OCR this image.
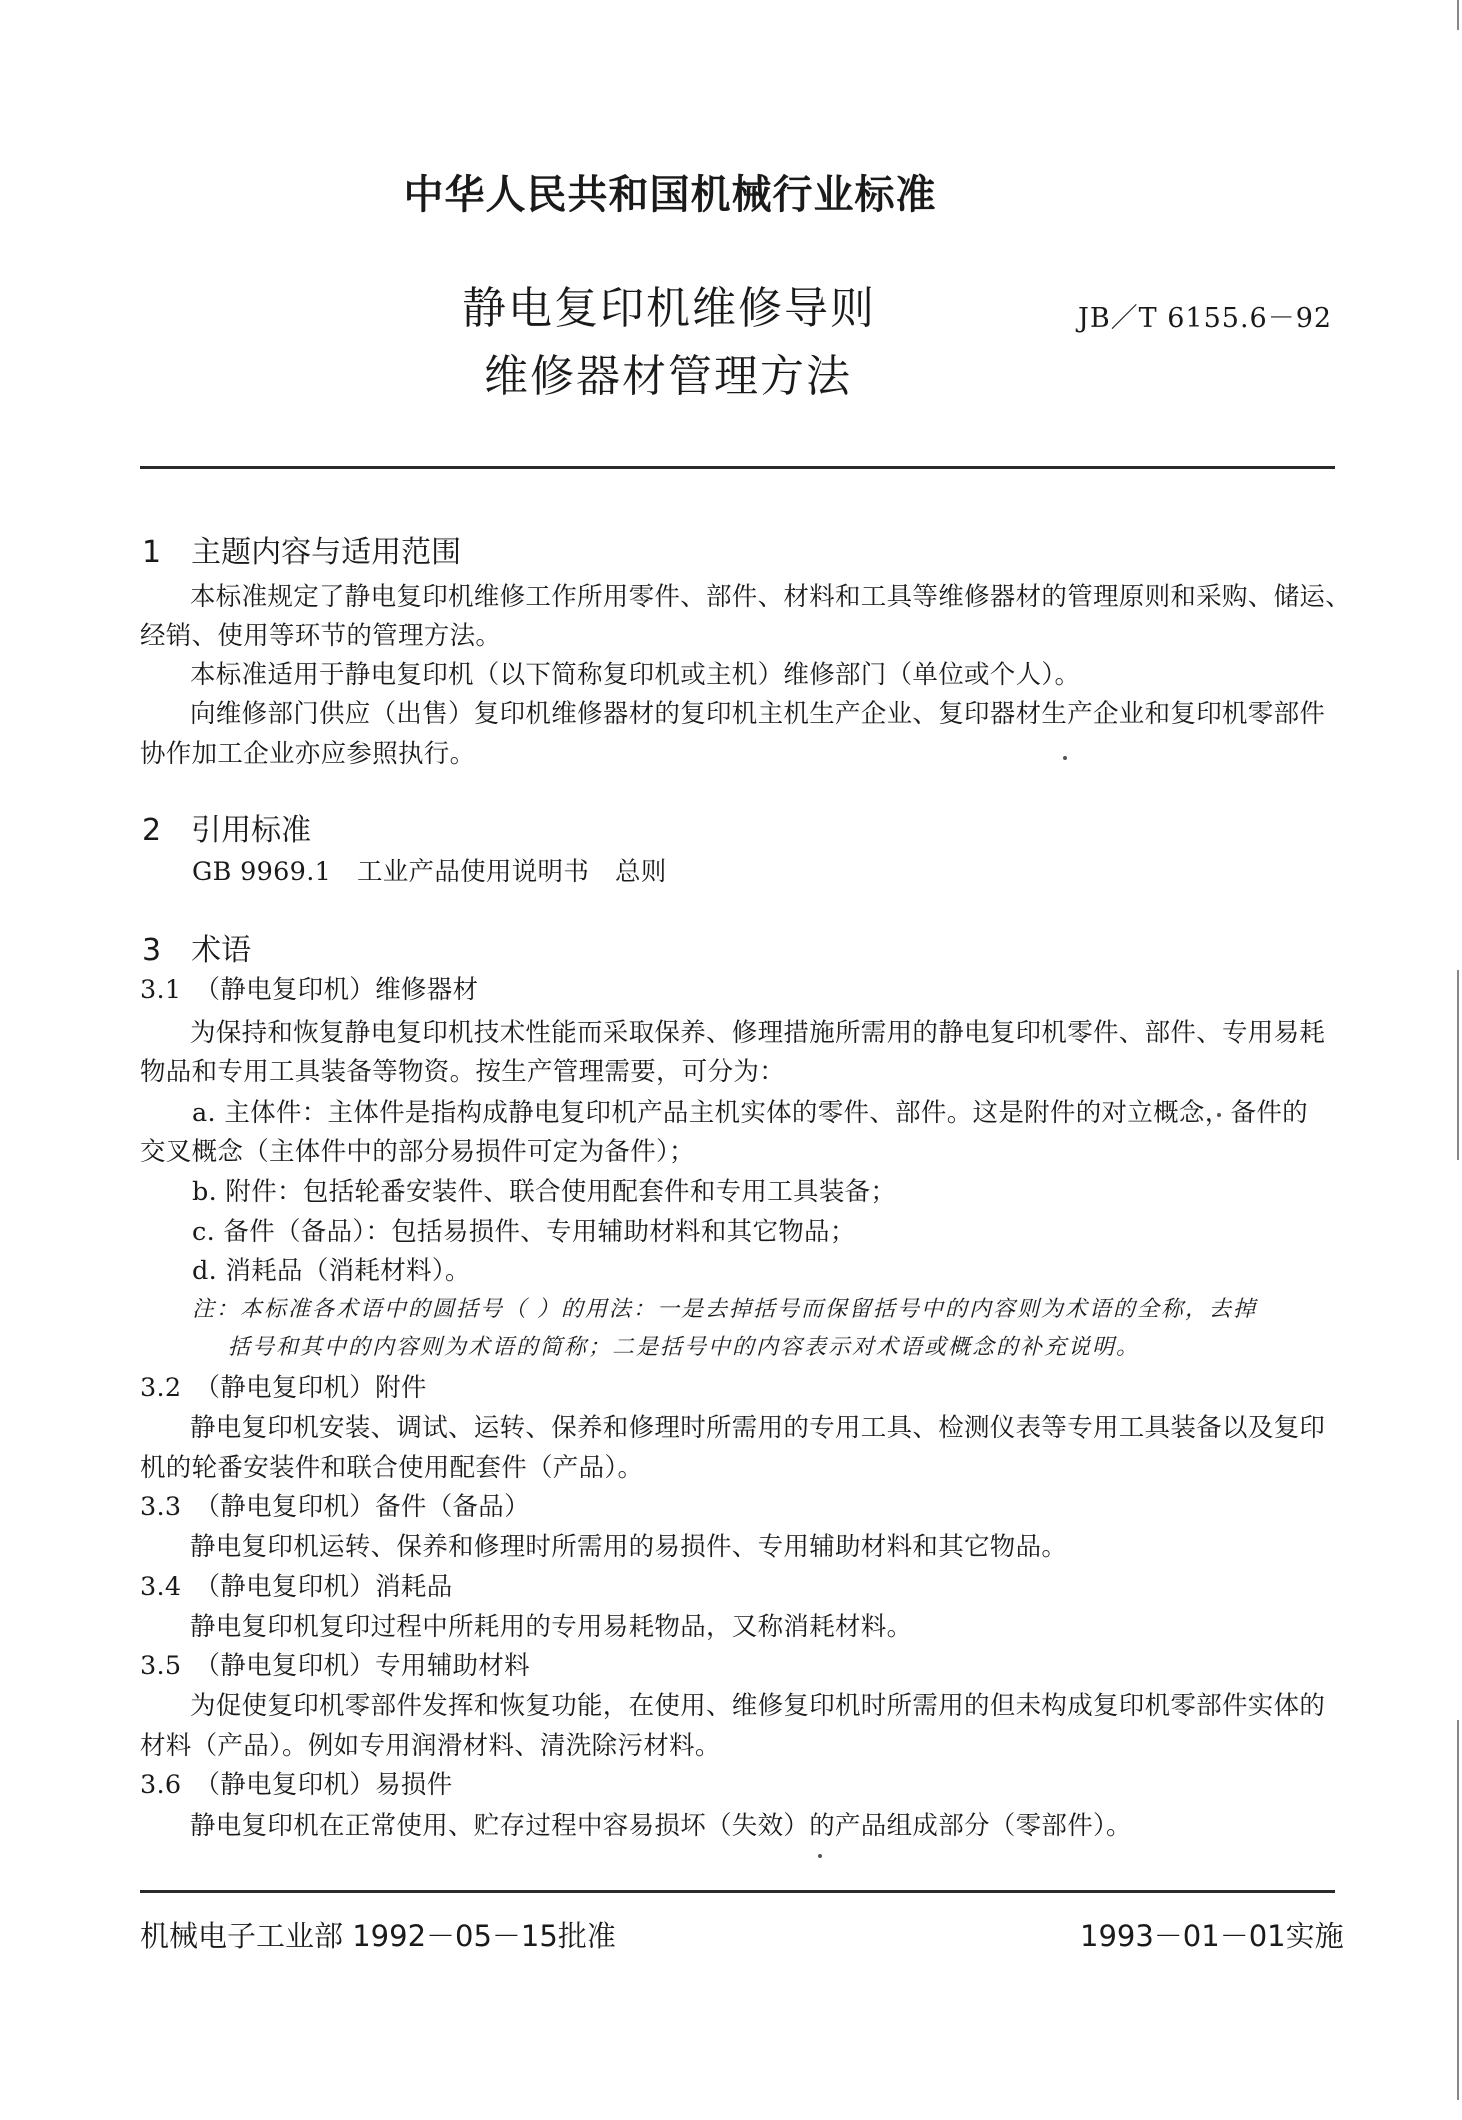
中华人民共和国机械行业标准
静电复印机维修导则
维修器材管理方法
JB／T 6155.6－92
1　主题内容与适用范围
本标准规定了静电复印机维修工作所用零件、部件、材料和工具等维修器材的管理原则和采购、储运、
经销、使用等环节的管理方法。
本标准适用于静电复印机（以下简称复印机或主机）维修部门（单位或个人）。
向维修部门供应（出售）复印机维修器材的复印机主机生产企业、复印器材生产企业和复印机零部件
协作加工企业亦应参照执行。
2　引用标准
GB 9969.1　工业产品使用说明书　总则
3　术语
3.1　（静电复印机）维修器材
为保持和恢复静电复印机技术性能而采取保养、修理措施所需用的静电复印机零件、部件、专用易耗
物品和专用工具装备等物资。按生产管理需要，可分为：
a. 主体件：主体件是指构成静电复印机产品主机实体的零件、部件。这是附件的对立概念，备件的
交叉概念（主体件中的部分易损件可定为备件）；
b. 附件：包括轮番安装件、联合使用配套件和专用工具装备；
c. 备件（备品）：包括易损件、专用辅助材料和其它物品；
d. 消耗品（消耗材料）。
注：本标准各术语中的圆括号（ ）的用法：一是去掉括号而保留括号中的内容则为术语的全称，去掉
括号和其中的内容则为术语的简称；二是括号中的内容表示对术语或概念的补充说明。
3.2　（静电复印机）附件
静电复印机安装、调试、运转、保养和修理时所需用的专用工具、检测仪表等专用工具装备以及复印
机的轮番安装件和联合使用配套件（产品）。
3.3　（静电复印机）备件（备品）
静电复印机运转、保养和修理时所需用的易损件、专用辅助材料和其它物品。
3.4　（静电复印机）消耗品
静电复印机复印过程中所耗用的专用易耗物品，又称消耗材料。
3.5　（静电复印机）专用辅助材料
为促使复印机零部件发挥和恢复功能，在使用、维修复印机时所需用的但未构成复印机零部件实体的
材料（产品）。例如专用润滑材料、清洗除污材料。
3.6　（静电复印机）易损件
静电复印机在正常使用、贮存过程中容易损坏（失效）的产品组成部分（零部件）。
机械电子工业部 1992－05－15批准	1993－01－01实施
